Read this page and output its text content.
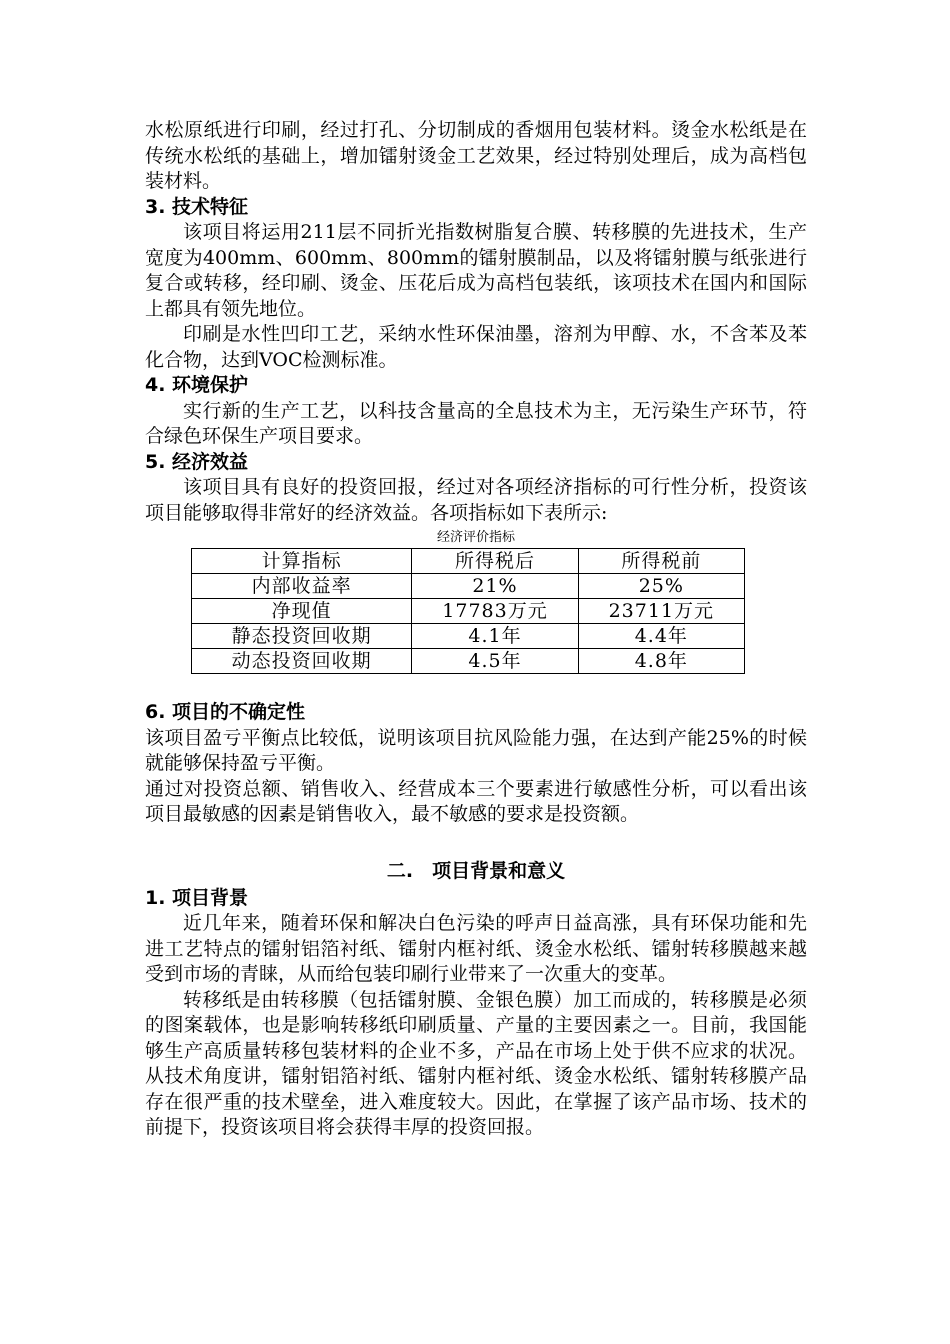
水松原纸进行印刷，经过打孔、分切制成的香烟用包装材料。烫金水松纸是在传统水松纸的基础上，增加镭射烫金工艺效果，经过特别处理后，成为高档包装材料。

3. 技术特征

该项目将运用211层不同折光指数树脂复合膜、转移膜的先进技术，生产宽度为400mm、600mm、800mm的镭射膜制品，以及将镭射膜与纸张进行复合或转移，经印刷、烫金、压花后成为高档包装纸，该项技术在国内和国际上都具有领先地位。

印刷是水性凹印工艺，采纳水性环保油墨，溶剂为甲醇、水，不含苯及苯化合物，达到VOC检测标准。

4. 环境保护

实行新的生产工艺，以科技含量高的全息技术为主，无污染生产环节，符合绿色环保生产项目要求。

5. 经济效益

该项目具有良好的投资回报，经过对各项经济指标的可行性分析，投资该项目能够取得非常好的经济效益。各项指标如下表所示:

经济评价指标
计算指标	所得税后	所得税前
内部收益率	21%	25%
净现值	17783万元	23711万元
静态投资回收期	4.1年	4.4年
动态投资回收期	4.5年	4.8年
6. 项目的不确定性

该项目盈亏平衡点比较低，说明该项目抗风险能力强，在达到产能25%的时候就能够保持盈亏平衡。

通过对投资总额、销售收入、经营成本三个要素进行敏感性分析，可以看出该项目最敏感的因素是销售收入，最不敏感的要求是投资额。

二.　项目背景和意义
1. 项目背景

近几年来，随着环保和解决白色污染的呼声日益高涨，具有环保功能和先进工艺特点的镭射铝箔衬纸、镭射内框衬纸、烫金水松纸、镭射转移膜越来越受到市场的青睐，从而给包装印刷行业带来了一次重大的变革。

转移纸是由转移膜（包括镭射膜、金银色膜）加工而成的，转移膜是必须的图案载体，也是影响转移纸印刷质量、产量的主要因素之一。目前，我国能够生产高质量转移包装材料的企业不多，产品在市场上处于供不应求的状况。从技术角度讲，镭射铝箔衬纸、镭射内框衬纸、烫金水松纸、镭射转移膜产品存在很严重的技术壁垒，进入难度较大。因此，在掌握了该产品市场、技术的前提下，投资该项目将会获得丰厚的投资回报。
